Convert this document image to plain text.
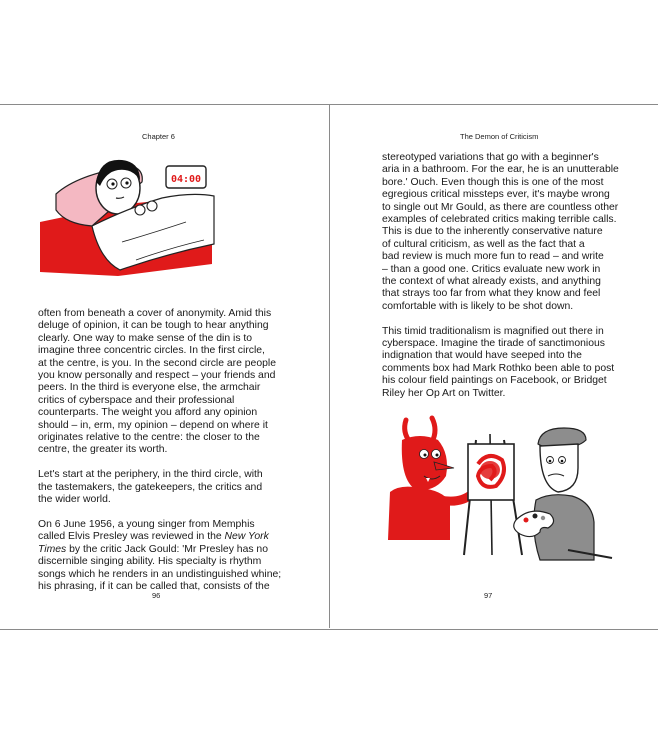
Chapter 6
04:00

often from beneath a cover of anonymity. Amid this
deluge of opinion, it can be tough to hear anything
clearly. One way to make sense of the din is to
imagine three concentric circles. In the first circle,
at the centre, is you. In the second circle are people
you know personally and respect – your friends and
peers. In the third is everyone else, the armchair
critics of cyberspace and their professional
counterparts. The weight you afford any opinion
should – in, erm, my opinion – depend on where it
originates relative to the centre: the closer to the
centre, the greater its worth.

Let's start at the periphery, in the third circle, with
the tastemakers, the gatekeepers, the critics and
the wider world.

On 6 June 1956, a young singer from Memphis
called Elvis Presley was reviewed in the New York
Times by the critic Jack Gould: 'Mr Presley has no
discernible singing ability. His specialty is rhythm
songs which he renders in an undistinguished whine;
his phrasing, if it can be called that, consists of the

96
The Demon of Criticism

stereotyped variations that go with a beginner's
aria in a bathroom. For the ear, he is an unutterable
bore.' Ouch. Even though this is one of the most
egregious critical missteps ever, it's maybe wrong
to single out Mr Gould, as there are countless other
examples of celebrated critics making terrible calls.
This is due to the inherently conservative nature
of cultural criticism, as well as the fact that a
bad review is much more fun to read – and write
– than a good one. Critics evaluate new work in
the context of what already exists, and anything
that strays too far from what they know and feel
comfortable with is likely to be shot down.

This timid traditionalism is magnified out there in
cyberspace. Imagine the tirade of sanctimonious
indignation that would have seeped into the
comments box had Mark Rothko been able to post
his colour field paintings on Facebook, or Bridget
Riley her Op Art on Twitter.

97
